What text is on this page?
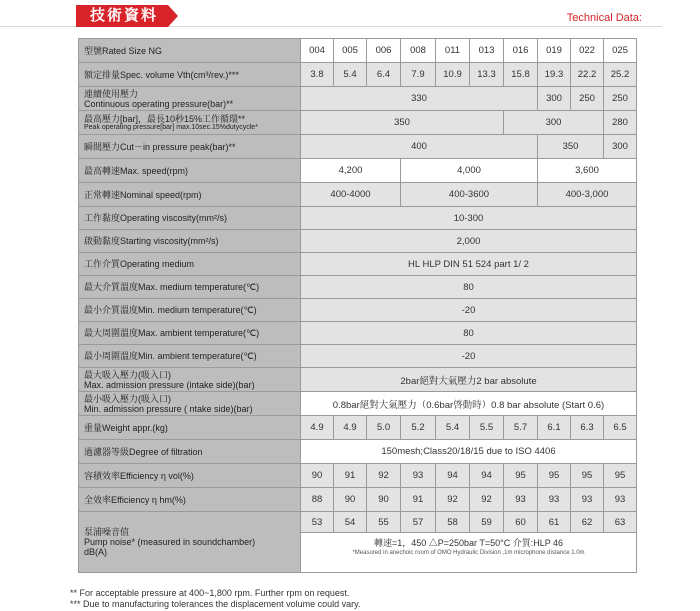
技術資料	Technical Data:
型號Rated Size NG	004	005	006	008	011	013	016	019	022	025
額定排量Spec. volume Vth(cm³/rev.)***	3.8	5.4	6.4	7.9	10.9	13.3	15.8	19.3	22.2	25.2
連續使用壓力
Continuous operating pressure(bar)**	330							300	250	250
最高壓力[bar]，最長10秒15%工作循環**
Peak operating pressure[bar] max.10sec.15%dutycycle*	350						300			280
瞬間壓力Cut－in pressure peak(bar)**	400							350		300
最高轉速Max. speed(rpm)	4,200			4,000				3,600		
正常轉速Nominal speed(rpm)	400-4000			400-3600				400-3,000		
工作黏度Operating viscosity(mm²/s)	10-300									
啟動黏度Starting viscosity(mm²/s)	2,000									
工作介質Operating medium	HL HLP DIN 51 524 part 1/ 2									
最大介質溫度Max. medium temperature(℃)	80									
最小介質溫度Min. medium temperature(℃)	-20									
最大周圍溫度Max. ambient temperature(℃)	80									
最小周圍溫度Min. ambient temperature(℃)	-20									
最大吸入壓力(吸入口)
Max. admission pressure (intake side)(bar)	2bar絕對大氣壓力2 bar absolute									
最小吸入壓力(吸入口)
Min. admission pressure ( ntake side)(bar)	0.8bar絕對大氣壓力（0.6bar啓動時）0.8 bar absolute (Start 0.6)									
重量Weight appr.(kg)	4.9	4.9	5.0	5.2	5.4	5.5	5.7	6.1	6.3	6.5
過濾器等級Degree of filtration	150mesh;Class20/18/15 due to ISO 4406									
容積效率Efficiency η vol(%)	90	91	92	93	94	94	95	95	95	95
全效率Efficiency η hm(%)	88	90	90	91	92	92	93	93	93	93
泵浦噪音值
Pump noise* (measured in soundchamber)
dB(A)	53	54	55	57	58	59	60	61	62	63

	轉速=1，450 △P=250bar T=50°C 介質:HLP 46
*Measured in anechoic room of OMO Hydraulic Division ,1m microphone distance 1.0m									
** For acceptable pressure at 400~1,800 rpm. Further rpm on request.
*** Due to manufacturing tolerances the displacement volume could vary.
